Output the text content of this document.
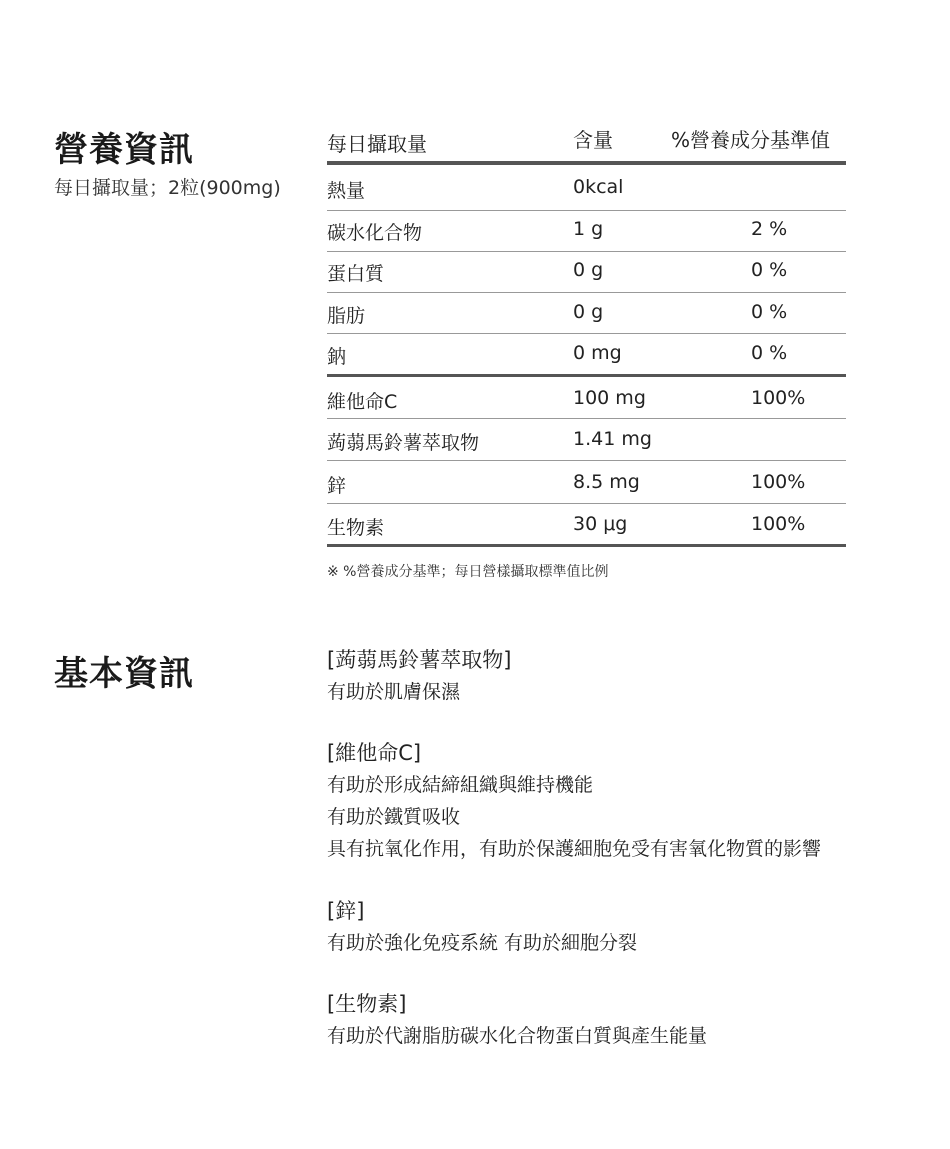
營養資訊
每日攝取量；2粒(900mg)
每日攝取量	含量	%營養成分基準值
熱量	0kcal
碳水化合物	1 g	2 %
蛋白質	0 g	0 %
脂肪	0 g	0 %
鈉	0 mg	0 %
維他命C	100 mg	100%
蒟蒻馬鈴薯萃取物	1.41 mg
鋅	8.5 mg	100%
生物素	30 μg	100%
※ %營養成分基準；每日營樣攝取標準值比例
基本資訊	[蒟蒻馬鈴薯萃取物]
有助於肌膚保濕
[維他命C]
有助於形成結締組織與維持機能
有助於鐵質吸收
具有抗氧化作用，有助於保護細胞免受有害氧化物質的影響
[鋅]
有助於強化免疫系統 有助於細胞分裂
[生物素]
有助於代謝脂肪碳水化合物蛋白質與產生能量
